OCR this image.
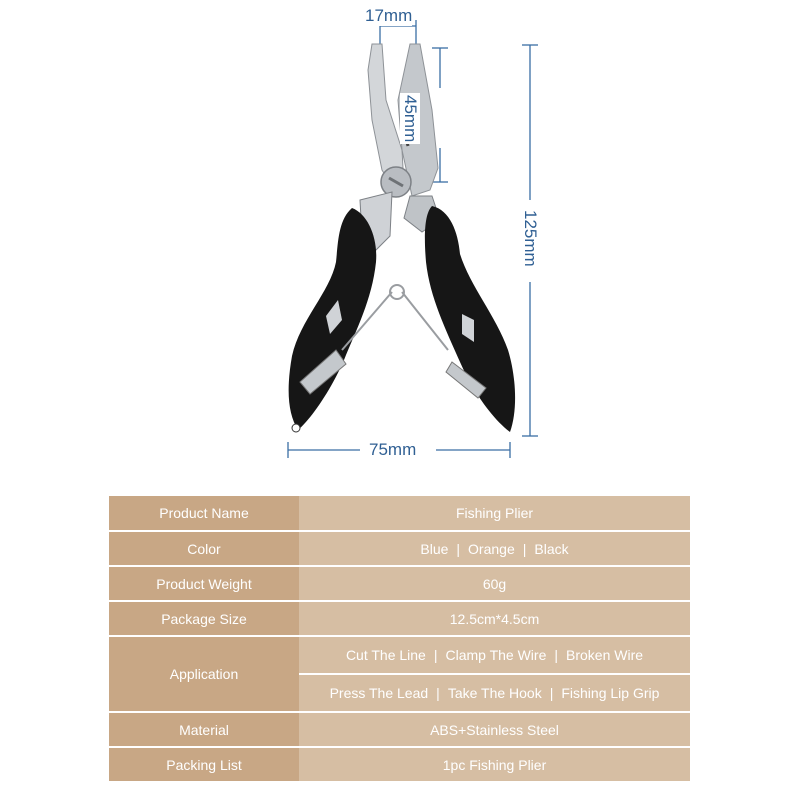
17mm
45mm
125mm
75mm
Product Name	Fishing Plier
Color	Blue | Orange | Black
Product Weight	60g
Package Size	12.5cm*4.5cm
Application	Cut The Line | Clamp The Wire | Broken Wire
Press The Lead | Take The Hook | Fishing Lip Grip

Material	ABS+Stainless Steel
Packing List	1pc Fishing Plier
